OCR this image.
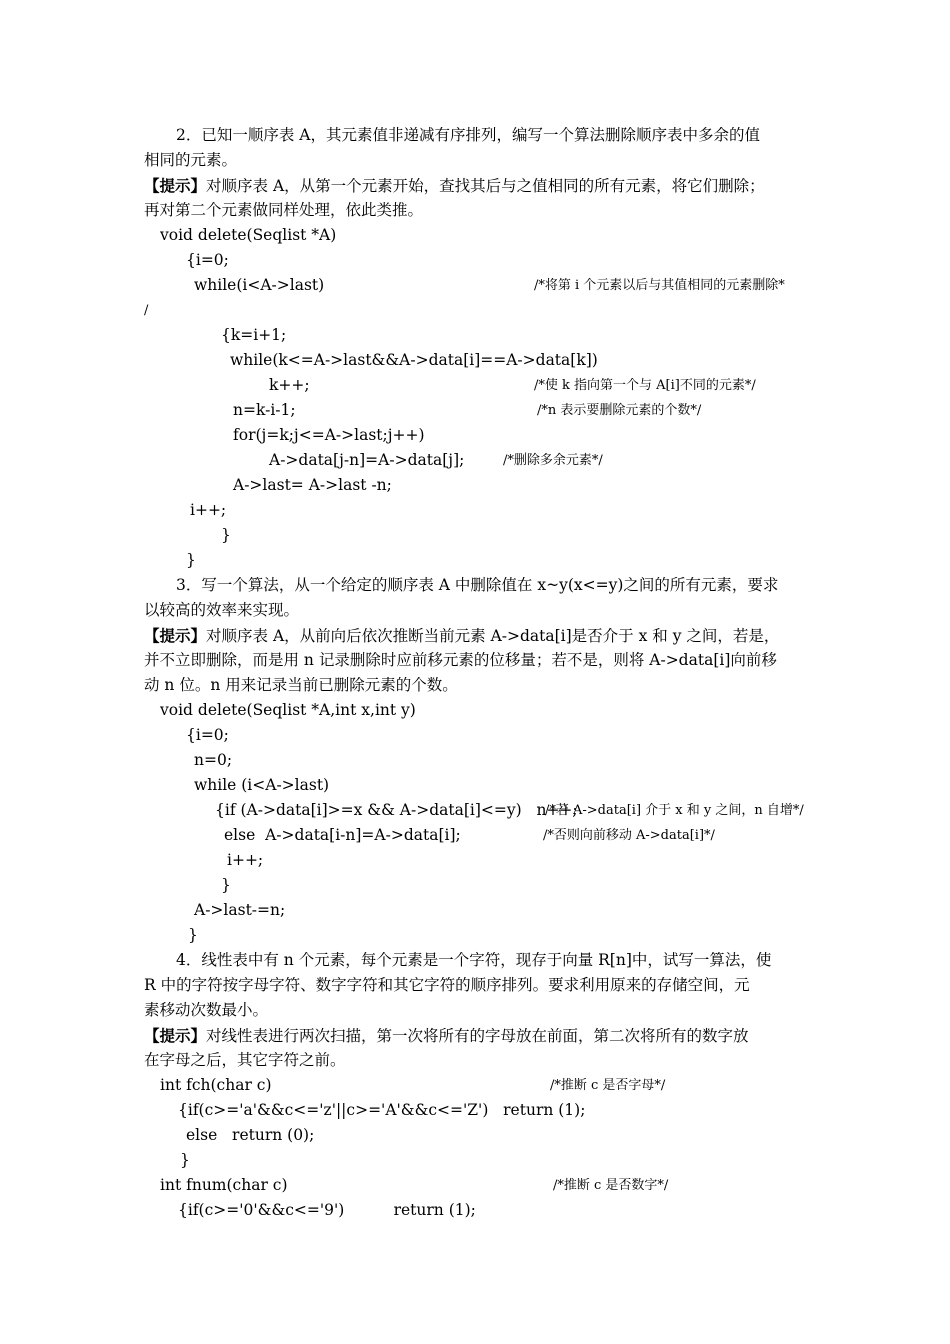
2．已知一顺序表 A，其元素值非递减有序排列，编写一个算法删除顺序表中多余的值
相同的元素。
【提示】对顺序表 A，从第一个元素开始，查找其后与之值相同的所有元素，将它们删除；
再对第二个元素做同样处理，依此类推。
void delete(Seqlist *A)
{i=0;
while(i<A->last)	/*将第 i 个元素以后与其值相同的元素删除*
/
{k=i+1;
while(k<=A->last&&A->data[i]==A->data[k])
k++;	/*使 k 指向第一个与 A[i]不同的元素*/
n=k-i-1;	/*n 表示要删除元素的个数*/
for(j=k;j<=A->last;j++)
A->data[j-n]=A->data[j];	/*删除多余元素*/
A->last= A->last -n;
i++;
}
}
3．写一个算法，从一个给定的顺序表 A 中删除值在 x~y(x<=y)之间的所有元素，要求
以较高的效率来实现。
【提示】对顺序表 A，从前向后依次推断当前元素 A->data[i]是否介于 x 和 y 之间，若是，
并不立即删除，而是用 n 记录删除时应前移元素的位移量；若不是，则将 A->data[i]向前移
动 n 位。n 用来记录当前已删除元素的个数。
void delete(Seqlist *A,int x,int y)
{i=0;
n=0;
while (i<A->last)
{if (A->data[i]>=x && A->data[i]<=y)   n++;
/*若 A->data[i] 介于 x 和 y 之间，n 自增*/
else  A->data[i-n]=A->data[i];	/*否则向前移动 A->data[i]*/
i++;
}
A->last-=n;
}
4．线性表中有 n 个元素，每个元素是一个字符，现存于向量 R[n]中，试写一算法，使
R 中的字符按字母字符、数字字符和其它字符的顺序排列。要求利用原来的存储空间，元
素移动次数最小。
【提示】对线性表进行两次扫描，第一次将所有的字母放在前面，第二次将所有的数字放
在字母之后，其它字符之前。
int fch(char c)	/*推断 c 是否字母*/
{if(c>='a'&&c<='z'||c>='A'&&c<='Z')   return (1);
else   return (0);
}
int fnum(char c)	/*推断 c 是否数字*/
{if(c>='0'&&c<='9')          return (1);
